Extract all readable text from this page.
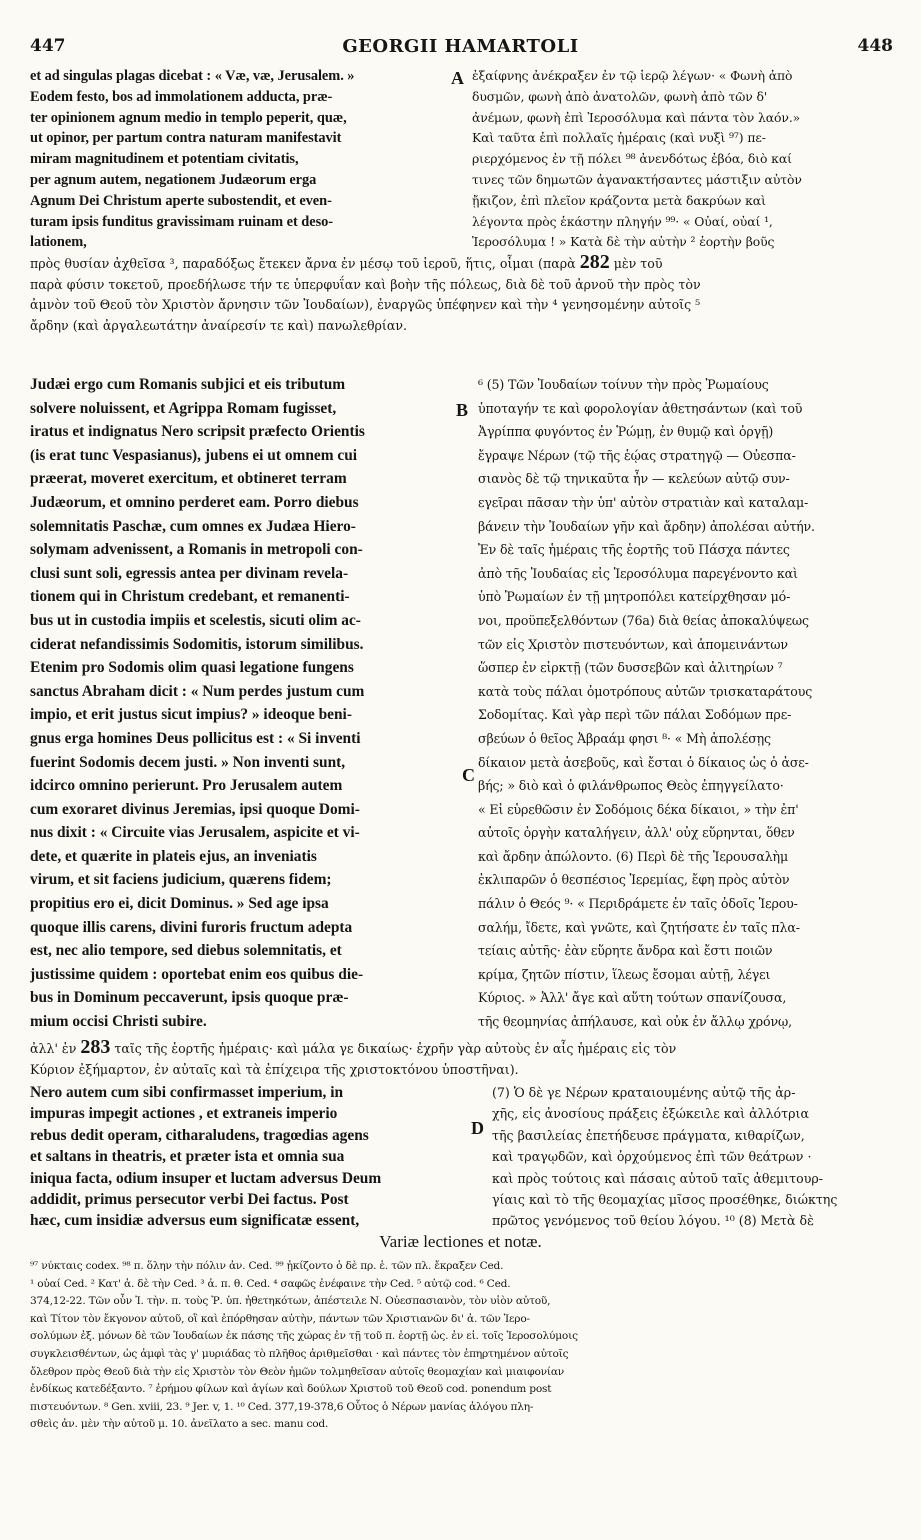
447	GEORGII HAMARTOLI	448
A
B
C
D
et ad singulas plagas dicebat : « Væ, væ, Jerusalem. »
Eodem festo, bos ad immolationem adducta, præ-
ter opinionem agnum medio in templo peperit, quæ,
ut opinor, per partum contra naturam manifestavit
miram magnitudinem et potentiam civitatis,
per agnum autem, negationem Judæorum erga
Agnum Dei Christum aperte subostendit, et even-
turam ipsis funditus gravissimam ruinam et deso-
lationem,
ἐξαίφνης ἀνέκραξεν ἐν τῷ ἱερῷ λέγων· « Φωνὴ ἀπὸ
δυσμῶν, φωνὴ ἀπὸ ἀνατολῶν, φωνὴ ἀπὸ τῶν δ'
ἀνέμων, φωνὴ ἐπὶ Ἱεροσόλυμα καὶ πάντα τὸν λαόν.»
Καὶ ταῦτα ἐπὶ πολλαῖς ἡμέραις (καὶ νυξὶ ⁹⁷) πε-
ριερχόμενος ἐν τῇ πόλει ⁹⁸ ἀνενδότως ἐβόα, διὸ καί
τινες τῶν δημωτῶν ἀγανακτήσαντες μάστιξιν αὐτὸν
ᾔκιζον, ἐπὶ πλεῖον κράζοντα μετὰ δακρύων καὶ
λέγοντα πρὸς ἑκάστην πληγήν ⁹⁹· « Οὐαί, οὐαί ¹,
Ἱεροσόλυμα ! » Κατὰ δὲ τὴν αὐτὴν ² ἑορτὴν βοῦς
πρὸς θυσίαν ἀχθεῖσα ³, παραδόξως ἔτεκεν ἄρνα ἐν μέσῳ τοῦ ἱεροῦ, ἥτις, οἶμαι (παρὰ 282 μὲν τοῦ
παρὰ φύσιν τοκετοῦ, προεδήλωσε τήν τε ὑπερφυΐαν καὶ βοὴν τῆς πόλεως, διὰ δὲ τοῦ ἀρνοῦ τὴν πρὸς τὸν
ἀμνὸν τοῦ Θεοῦ τὸν Χριστὸν ἄρνησιν τῶν Ἰουδαίων), ἐναργῶς ὑπέφηνεν καὶ τὴν ⁴ γενησομένην αὐτοῖς ⁵
ἄρδην (καὶ ἀργαλεωτάτην ἀναίρεσίν τε καὶ) πανωλεθρίαν.
Judæi ergo cum Romanis subjici et eis tributum
solvere noluissent, et Agrippa Romam fugisset,
iratus et indignatus Nero scripsit præfecto Orientis
(is erat tunc Vespasianus), jubens ei ut omnem cui
præerat, moveret exercitum, et obtineret terram
Judæorum, et omnino perderet eam. Porro diebus
solemnitatis Paschæ, cum omnes ex Judæa Hiero-
solymam advenissent, a Romanis in metropoli con-
clusi sunt soli, egressis antea per divinam revela-
tionem qui in Christum credebant, et remanenti-
bus ut in custodia impiis et scelestis, sicuti olim ac-
ciderat nefandissimis Sodomitis, istorum similibus.
Etenim pro Sodomis olim quasi legatione fungens
sanctus Abraham dicit : « Num perdes justum cum
impio, et erit justus sicut impius? » ideoque beni-
gnus erga homines Deus pollicitus est : « Si inventi
fuerint Sodomis decem justi. » Non inventi sunt,
idcirco omnino perierunt. Pro Jerusalem autem
cum exoraret divinus Jeremias, ipsi quoque Domi-
nus dixit : « Circuite vias Jerusalem, aspicite et vi-
dete, et quærite in plateis ejus, an inveniatis
virum, et sit faciens judicium, quærens fidem;
propitius ero ei, dicit Dominus. » Sed age ipsa
quoque illis carens, divini furoris fructum adepta
est, nec alio tempore, sed diebus solemnitatis, et
justissime quidem : oportebat enim eos quibus die-
bus in Dominum peccaverunt, ipsis quoque præ-
mium occisi Christi subire.
⁶ (5) Τῶν Ἰουδαίων τοίνυν τὴν πρὸς Ῥωμαίους
ὑποταγήν τε καὶ φορολογίαν ἀθετησάντων (καὶ τοῦ
Ἀγρίππα φυγόντος ἐν Ῥώμῃ, ἐν θυμῷ καὶ ὀργῇ)
ἔγραψε Νέρων (τῷ τῆς ἑῴας στρατηγῷ — Οὐεσπα-
σιανὸς δὲ τῷ τηνικαῦτα ἦν — κελεύων αὐτῷ συν-
εγεῖραι πᾶσαν τὴν ὑπ' αὐτὸν στρατιὰν καὶ καταλαμ-
βάνειν τὴν Ἰουδαίων γῆν καὶ ἄρδην) ἀπολέσαι αὐτήν.
Ἐν δὲ ταῖς ἡμέραις τῆς ἑορτῆς τοῦ Πάσχα πάντες
ἀπὸ τῆς Ἰουδαίας εἰς Ἱεροσόλυμα παρεγένοντο καὶ
ὑπὸ Ῥωμαίων ἐν τῇ μητροπόλει κατείρχθησαν μό-
νοι, προϋπεξελθόντων (76a) διὰ θείας ἀποκαλύψεως
τῶν εἰς Χριστὸν πιστευόντων, καὶ ἀπομεινάντων
ὥσπερ ἐν εἱρκτῇ (τῶν δυσσεβῶν καὶ ἀλιτηρίων ⁷
κατὰ τοὺς πάλαι ὁμοτρόπους αὐτῶν τρισκαταράτους
Σοδομίτας. Καὶ γὰρ περὶ τῶν πάλαι Σοδόμων πρε-
σβεύων ὁ θεῖος Ἀβραάμ φησι ⁸· « Μὴ ἀπολέσῃς
δίκαιον μετὰ ἀσεβοῦς, καὶ ἔσται ὁ δίκαιος ὡς ὁ ἀσε-
βής; » διὸ καὶ ὁ φιλάνθρωπος Θεὸς ἐπηγγείλατο·
« Εἰ εὑρεθῶσιν ἐν Σοδόμοις δέκα δίκαιοι, » τὴν ἐπ'
αὐτοῖς ὀργὴν καταλήγειν, ἀλλ' οὐχ εὕρηνται, ὅθεν
καὶ ἄρδην ἀπώλοντο. (6) Περὶ δὲ τῆς Ἱερουσαλὴμ
ἐκλιπαρῶν ὁ θεσπέσιος Ἱερεμίας, ἔφη πρὸς αὐτὸν
πάλιν ὁ Θεός ⁹· « Περιδράμετε ἐν ταῖς ὁδοῖς Ἱερου-
σαλήμ, ἴδετε, καὶ γνῶτε, καὶ ζητήσατε ἐν ταῖς πλα-
τείαις αὐτῆς· ἐὰν εὕρητε ἄνδρα καὶ ἔστι ποιῶν
κρίμα, ζητῶν πίστιν, ἵλεως ἔσομαι αὐτῇ, λέγει
Κύριος. » Ἀλλ' ἄγε καὶ αὕτη τούτων σπανίζουσα,
τῆς θεομηνίας ἀπήλαυσε, καὶ οὐκ ἐν ἄλλῳ χρόνῳ,
ἀλλ' ἐν 283 ταῖς τῆς ἑορτῆς ἡμέραις· καὶ μάλα γε δικαίως· ἐχρῆν γὰρ αὐτοὺς ἐν αἷς ἡμέραις εἰς τὸν
Κύριον ἐξήμαρτον, ἐν αὐταῖς καὶ τὰ ἐπίχειρα τῆς χριστοκτόνου ὑποστῆναι).
Nero autem cum sibi confirmasset imperium, in
impuras impegit actiones , et extraneis imperio
rebus dedit operam, citharaludens, tragœdias agens
et saltans in theatris, et præter ista et omnia sua
iniqua facta, odium insuper et luctam adversus Deum
addidit, primus persecutor verbi Dei factus. Post
hæc, cum insidiæ adversus eum significatæ essent,
(7) Ὁ δὲ γε Νέρων κραταιουμένης αὐτῷ τῆς ἀρ-
χῆς, εἰς ἀνοσίους πράξεις ἐξώκειλε καὶ ἀλλότρια
τῆς βασιλείας ἐπετήδευσε πράγματα, κιθαρίζων,
καὶ τραγῳδῶν, καὶ ὀρχούμενος ἐπὶ τῶν θεάτρων ·
καὶ πρὸς τούτοις καὶ πάσαις αὐτοῦ ταῖς ἀθεμιτουρ-
γίαις καὶ τὸ τῆς θεομαχίας μῖσος προσέθηκε, διώκτης
πρῶτος γενόμενος τοῦ θείου λόγου. ¹⁰ (8) Μετὰ δὲ
Variæ lectiones et notæ.
⁹⁷ νύκταις codex. ⁹⁸ π. ὅλην τὴν πόλιν ἀν. Ced. ⁹⁹ ᾐκίζοντο ὁ δὲ πρ. ἑ. τῶν πλ. ἔκραξεν Ced.
¹ οὐαί Ced. ² Κατ' ἀ. δὲ τὴν Ced. ³ ἀ. π. θ. Ced. ⁴ σαφῶς ἐνέφαινε τὴν Ced. ⁵ αὐτῷ cod. ⁶ Ced.
374,12-22. Τῶν οὖν Ἰ. τὴν. π. τοὺς Ῥ. ὑπ. ἠθετηκότων, ἀπέστειλε Ν. Οὐεσπασιανὸν, τὸν υἱὸν αὐτοῦ,
καὶ Τίτον τὸν ἔκγονον αὐτοῦ, οἳ καὶ ἐπόρθησαν αὐτὴν, πάντων τῶν Χριστιανῶν δι' ἀ. τῶν Ἱερο-
σολύμων ἐξ. μόνων δὲ τῶν Ἰουδαίων ἐκ πάσης τῆς χώρας ἐν τῇ τοῦ π. ἑορτῇ ὡς. ἐν εἱ. τοῖς Ἱεροσολύμοις
συγκλεισθέντων, ὡς ἀμφὶ τὰς γ' μυριάδας τὸ πλῆθος ἀριθμεῖσθαι · καὶ πάντες τὸν ἐπηρτημένον αὐτοῖς
ὄλεθρον πρὸς Θεοῦ διὰ τὴν εἰς Χριστὸν τὸν Θεὸν ἡμῶν τολμηθεῖσαν αὐτοῖς θεομαχίαν καὶ μιαιφονίαν
ἐνδίκως κατεδέξαντο. ⁷ ἐρήμου φίλων καὶ ἁγίων καὶ δούλων Χριστοῦ τοῦ Θεοῦ cod. ponendum post
πιστευόντων. ⁸ Gen. xviii, 23. ⁹ Jer. v, 1. ¹⁰ Ced. 377,19-378,6 Οὗτος ὁ Νέρων μανίας ἀλόγου πλη-
σθεὶς ἀν. μὲν τὴν αὐτοῦ μ. 10. ἀνεῖλατο a sec. manu cod.
